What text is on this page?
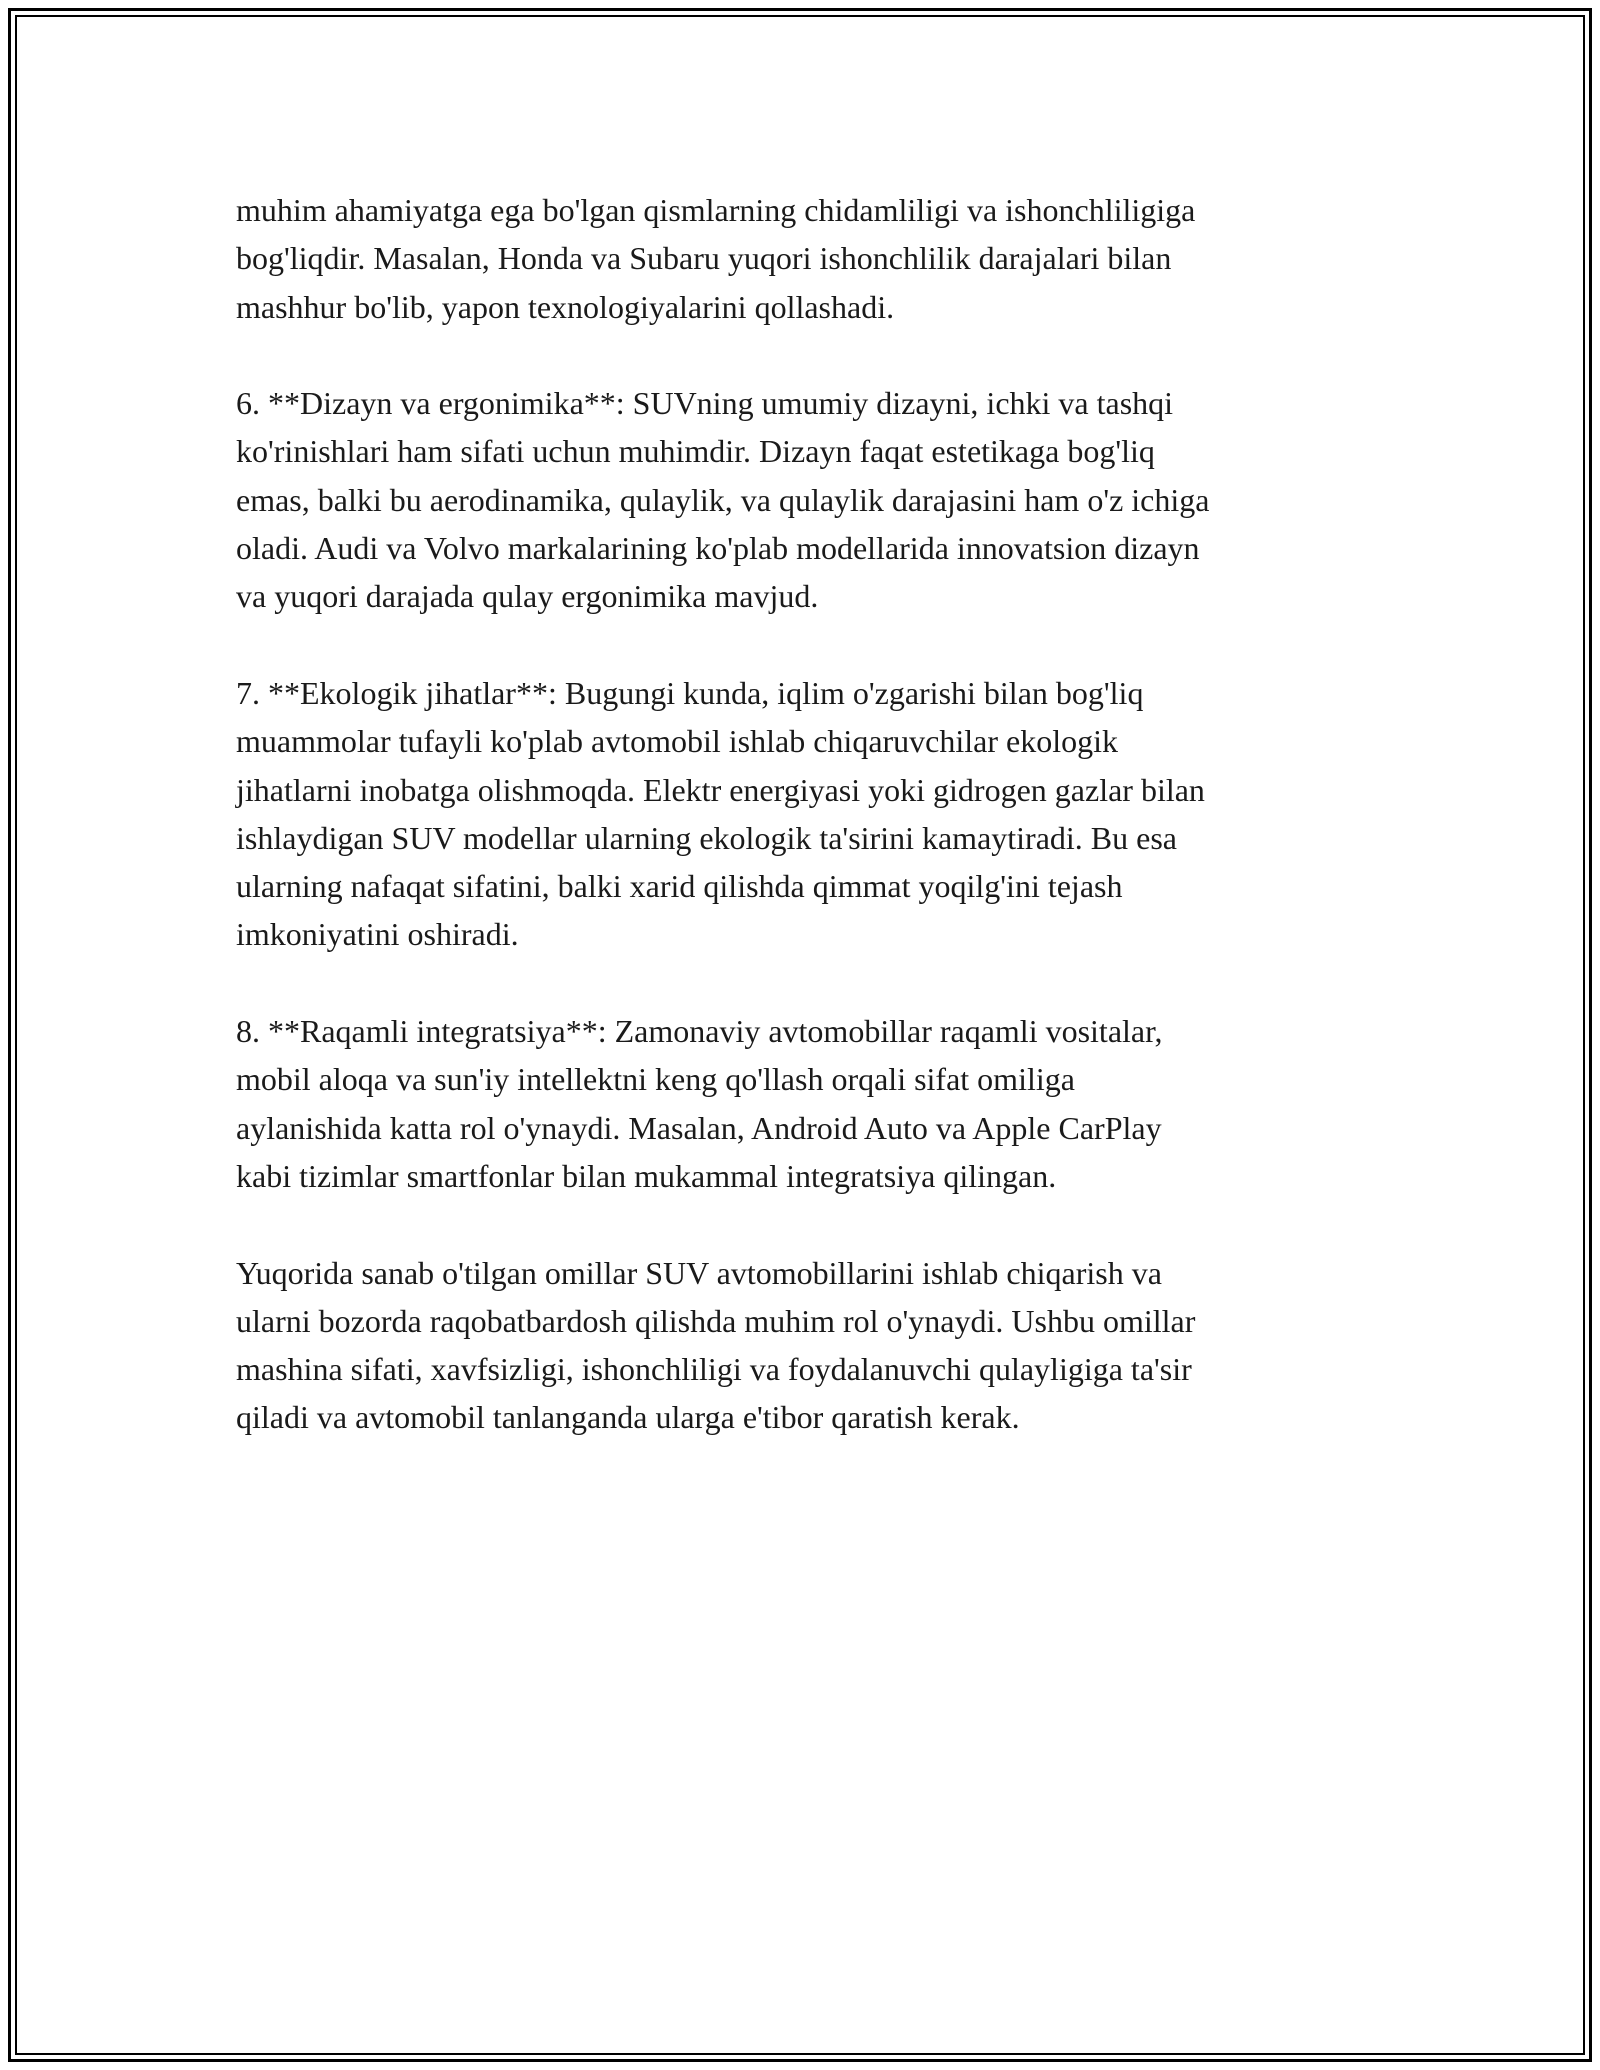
muhim ahamiyatga ega bo'lgan qismlarning chidamliligi va ishonchliligiga
bog'liqdir. Masalan, Honda va Subaru yuqori ishonchlilik darajalari bilan
mashhur bo'lib, yapon texnologiyalarini qollashadi.

6. **Dizayn va ergonimika**: SUVning umumiy dizayni, ichki va tashqi
ko'rinishlari ham sifati uchun muhimdir. Dizayn faqat estetikaga bog'liq
emas, balki bu aerodinamika, qulaylik, va qulaylik darajasini ham o'z ichiga
oladi. Audi va Volvo markalarining ko'plab modellarida innovatsion dizayn
va yuqori darajada qulay ergonimika mavjud.

7. **Ekologik jihatlar**: Bugungi kunda, iqlim o'zgarishi bilan bog'liq
muammolar tufayli ko'plab avtomobil ishlab chiqaruvchilar ekologik
jihatlarni inobatga olishmoqda. Elektr energiyasi yoki gidrogen gazlar bilan
ishlaydigan SUV modellar ularning ekologik ta'sirini kamaytiradi. Bu esa
ularning nafaqat sifatini, balki xarid qilishda qimmat yoqilg'ini tejash
imkoniyatini oshiradi.

8. **Raqamli integratsiya**: Zamonaviy avtomobillar raqamli vositalar,
mobil aloqa va sun'iy intellektni keng qo'llash orqali sifat omiliga
aylanishida katta rol o'ynaydi. Masalan, Android Auto va Apple CarPlay
kabi tizimlar smartfonlar bilan mukammal integratsiya qilingan.

Yuqorida sanab o'tilgan omillar SUV avtomobillarini ishlab chiqarish va
ularni bozorda raqobatbardosh qilishda muhim rol o'ynaydi. Ushbu omillar
mashina sifati, xavfsizligi, ishonchliligi va foydalanuvchi qulayligiga ta'sir
qiladi va avtomobil tanlanganda ularga e'tibor qaratish kerak.
